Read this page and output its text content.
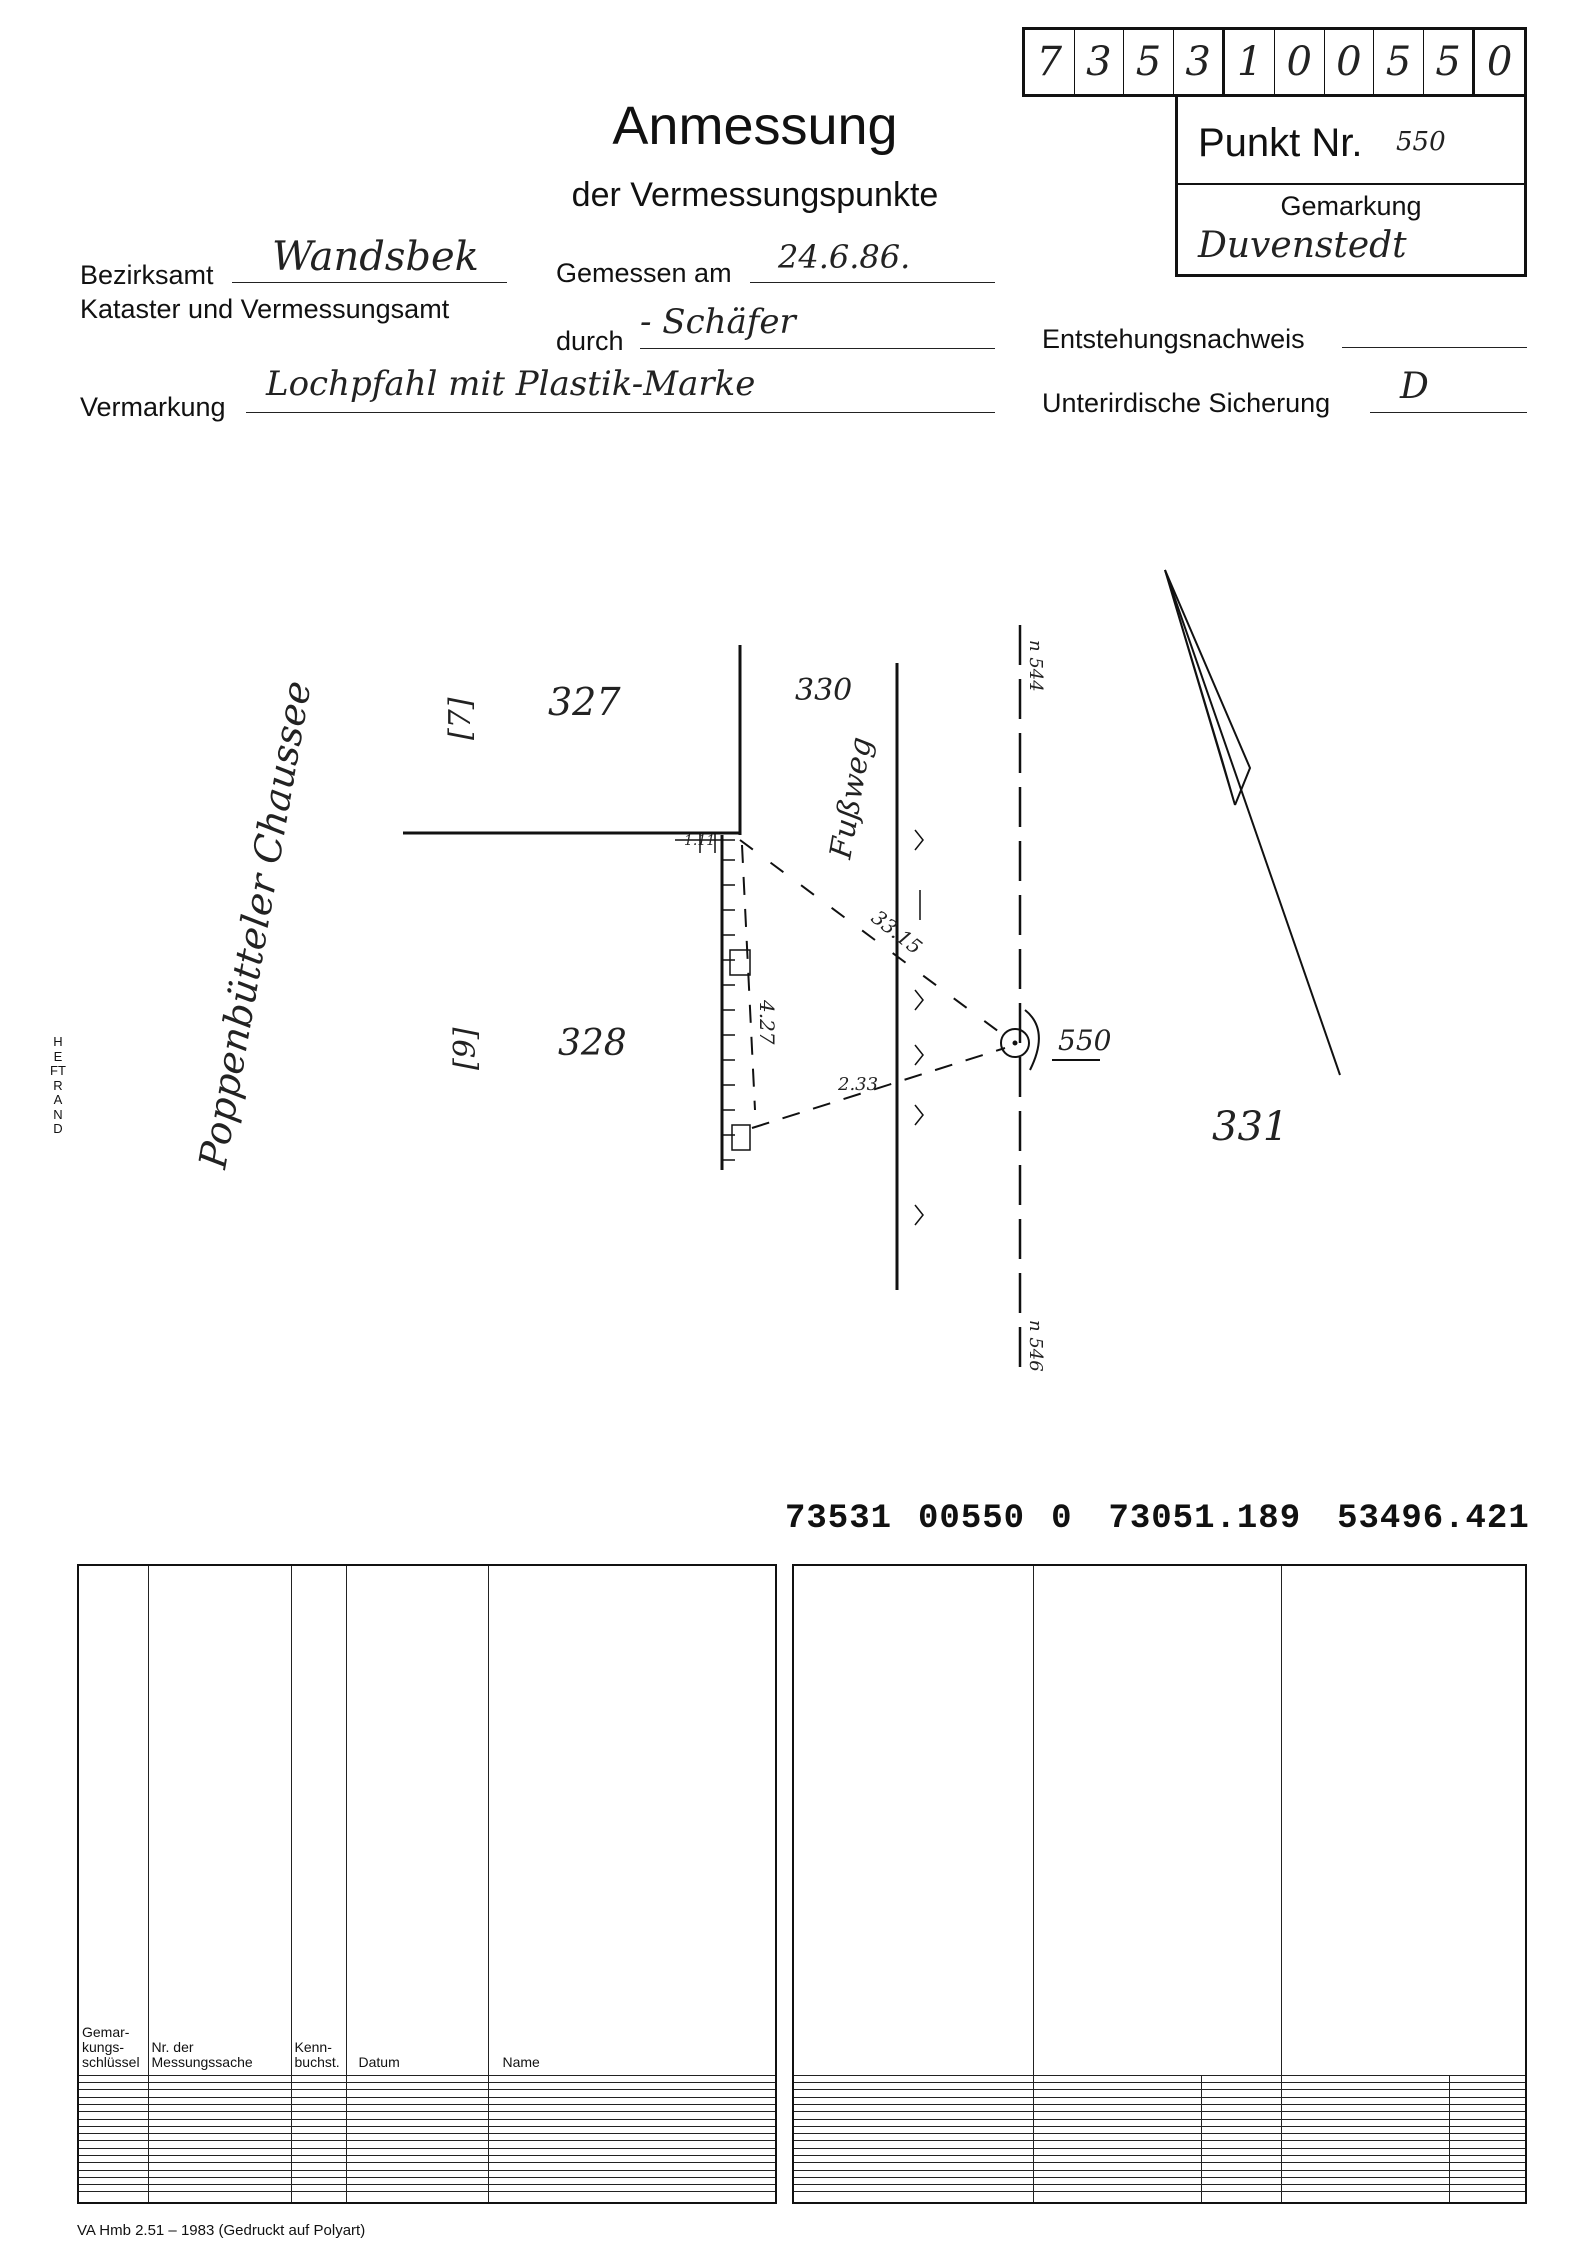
7 3 5 3 1 0 0 5 5 0
Punkt Nr. 550
Gemarkung
Duvenstedt
Anmessung
der Vermessungspunkte
Bezirksamt Wandsbek
Kataster und Vermessungsamt
Gemessen am 24.6.86.
durch - Schäfer	Entstehungsnachweis
Vermarkung
Lochpfahl mit Plastik-Marke	Unterirdische Sicherung D
HEFTRAND
327	330
328
331
550
2.33
1.11
[7]
[9]
Poppenbütteler Chaussee	Fußweg
33.15
4.27
n 544
n 546
73531 00550 0 73051.189 53496.421
Gemar-
kungs-
schlüssel	Nr. der
Messungssache	Kenn-
buchst.	Datum	Name

VA Hmb 2.51 – 1983 (Gedruckt auf Polyart)
